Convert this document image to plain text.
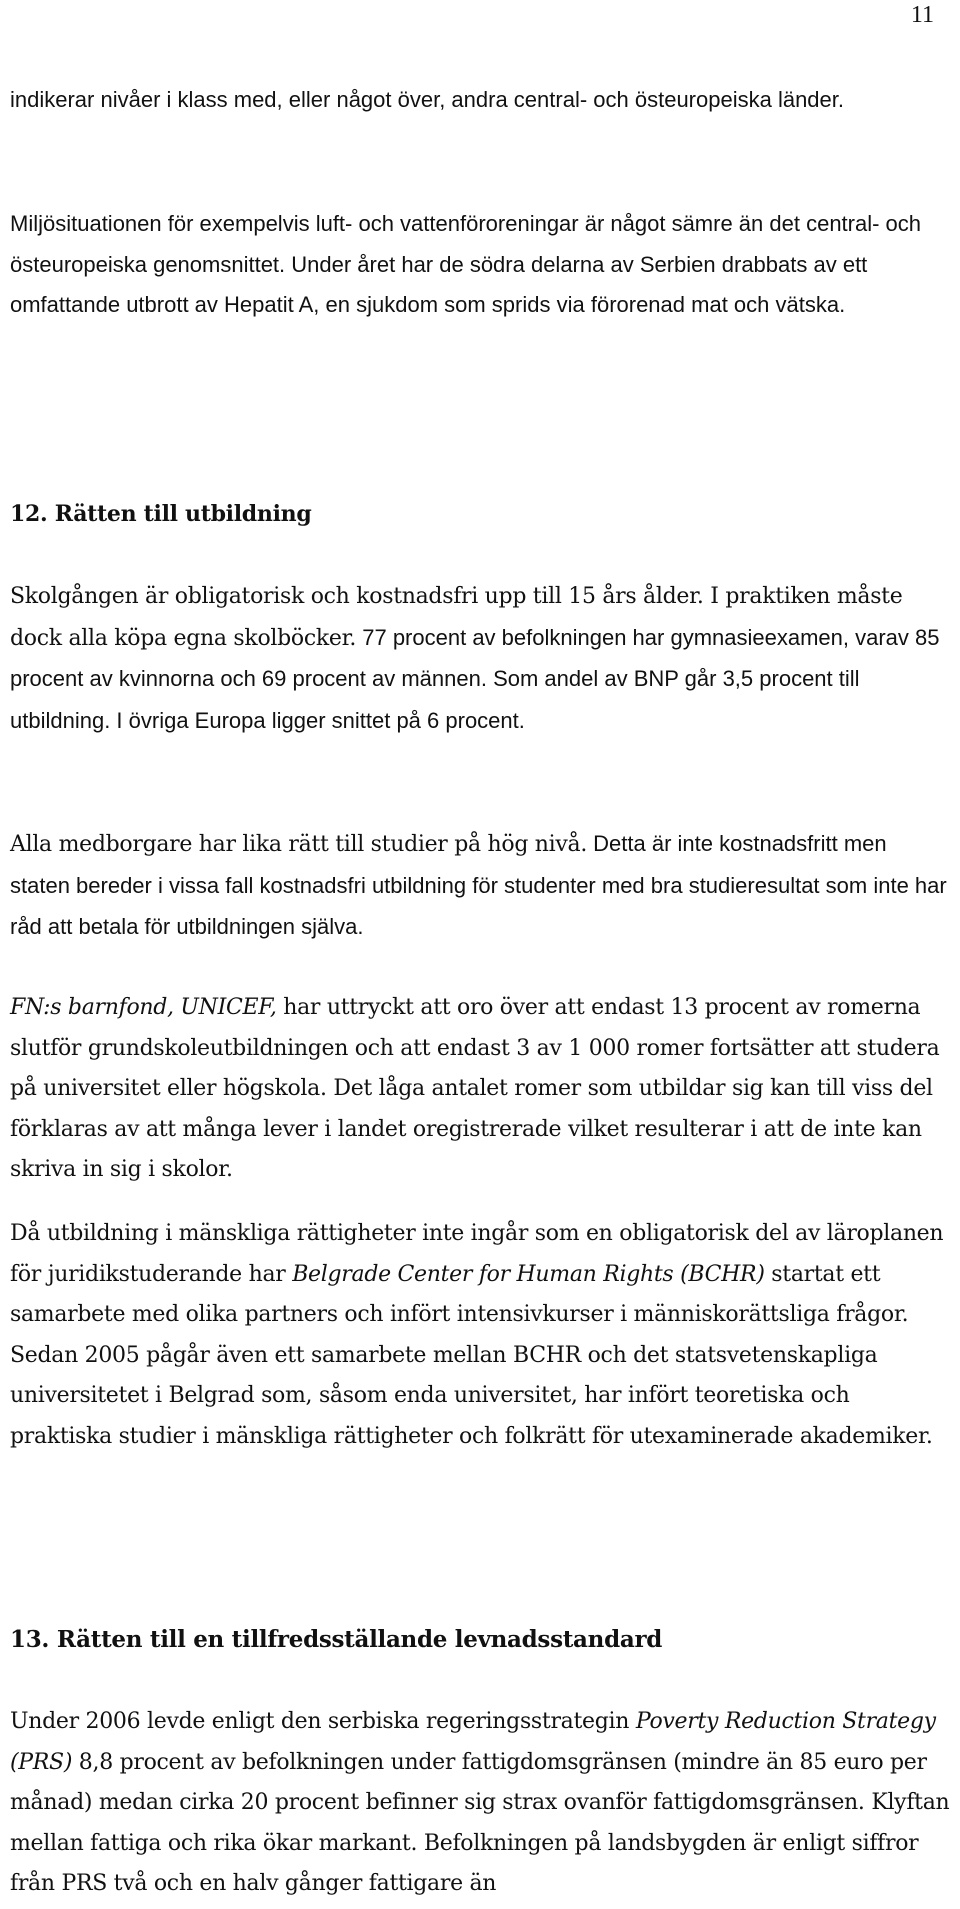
11

indikerar nivåer i klass med, eller något över, andra central- och östeuropeiska länder.

Miljösituationen för exempelvis luft- och vattenföroreningar är något sämre än det central- och östeuropeiska genomsnittet. Under året har de södra delarna av Serbien drabbats av ett omfattande utbrott av Hepatit A, en sjukdom som sprids via förorenad mat och vätska.

12. Rätten till utbildning

Skolgången är obligatorisk och kostnadsfri upp till 15 års ålder. I praktiken måste dock alla köpa egna skolböcker. 77 procent av befolkningen har gymnasieexamen, varav 85 procent av kvinnorna och 69 procent av männen. Som andel av BNP går 3,5 procent till utbildning. I övriga Europa ligger snittet på 6 procent.

Alla medborgare har lika rätt till studier på hög nivå. Detta är inte kostnadsfritt men staten bereder i vissa fall kostnadsfri utbildning för studenter med bra studieresultat som inte har råd att betala för utbildningen själva.

FN:s barnfond, UNICEF, har uttryckt att oro över att endast 13 procent av romerna slutför grundskoleutbildningen och att endast 3 av 1 000 romer fortsätter att studera på universitet eller högskola. Det låga antalet romer som utbildar sig kan till viss del förklaras av att många lever i landet oregistrerade vilket resulterar i att de inte kan skriva in sig i skolor.

Då utbildning i mänskliga rättigheter inte ingår som en obligatorisk del av läroplanen för juridikstuderande har Belgrade Center for Human Rights (BCHR) startat ett samarbete med olika partners och infört intensivkurser i människorättsliga frågor. Sedan 2005 pågår även ett samarbete mellan BCHR och det statsvetenskapliga universitetet i Belgrad som, såsom enda universitet, har infört teoretiska och praktiska studier i mänskliga rättigheter och folkrätt för utexaminerade akademiker.

13. Rätten till en tillfredsställande levnadsstandard

Under 2006 levde enligt den serbiska regeringsstrategin Poverty Reduction Strategy (PRS) 8,8 procent av befolkningen under fattigdomsgränsen (mindre än 85 euro per månad) medan cirka 20 procent befinner sig strax ovanför fattigdomsgränsen. Klyftan mellan fattiga och rika ökar markant. Befolkningen på landsbygden är enligt siffror från PRS två och en halv gånger fattigare än
